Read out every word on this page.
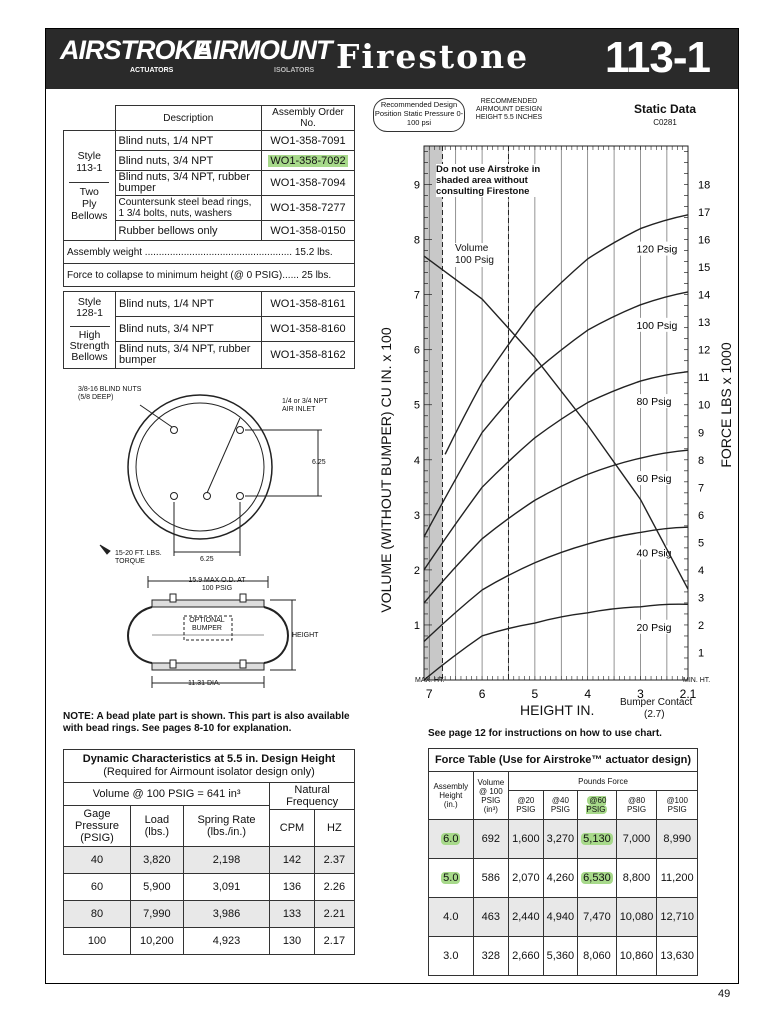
AIRSTROKE
ACTUATORS
AIRMOUNT
ISOLATORS Firestone 113-1
	Description	Assembly Order No.
Style
113-1

Two
Ply
Bellows	Blind nuts, 1/4 NPT	WO1-358-7091
	Blind nuts, 3/4 NPT	WO1-358-7092
	Blind nuts, 3/4 NPT, rubber bumper	WO1-358-7094
	Countersunk steel bead rings, 1 3/4 bolts, nuts, washers	WO1-358-7277
	Rubber bellows only	WO1-358-0150
Assembly weight ..................................................... 15.2 lbs.		
Force to collapse to minimum height (@ 0 PSIG)...... 25 lbs.		
Style
128-1

High
Strength
Bellows	Blind nuts, 1/4 NPT	WO1-358-8161
	Blind nuts, 3/4 NPT	WO1-358-8160
	Blind nuts, 3/4 NPT, rubber bumper	WO1-358-8162
3/8-16 BLIND NUTS (5/8 DEEP)
1/4 or 3/4 NPT AIR INLET
6.25
6.25
15-20 FT. LBS. TORQUE
15.9 MAX O.D. AT 100 PSIG
OPTIONAL BUMPER
HEIGHT
11.31 DIA.
NOTE: A bead plate part is shown. This part is also available with bead rings. See pages 8-10 for explanation.
Dynamic Characteristics at 5.5 in. Design Height
(Required for Airmount isolator design only)				
Volume @ 100 PSIG = 641 in³			Natural Frequency	
Gage Pressure (PSIG)	Load (lbs.)	Spring Rate (lbs./in.)		
			CPM	HZ
40	3,820	2,198	142	2.37
60	5,900	3,091	136	2.26
80	7,990	3,986	133	2.21
100	10,200	4,923	130	2.17
Recommended Design Position Static Pressure 0-100 psi
RECOMMENDED AIRMOUNT DESIGN HEIGHT 5.5 INCHES
Static Data
C0281
20 Psig
40 Psig
60 Psig
80 Psig
100 Psig
120 Psig
1
2
3
4
5
6
7
8
9
1
2
3
4
5
6
7
8
9
10
11
12
13
14
15
16
17
18
7	6	5	4	3	2.1
VOLUME (WITHOUT BUMPER) CU IN. x 100	FORCE LBS x 1000
HEIGHT IN.
Do not use Airstroke in shaded area without consulting Firestone
Volume
100 Psig
MAX. HT.	MIN. HT.
Bumper Contact
(2.7)
See page 12 for instructions on how to use chart.
Force Table (Use for Airstroke™ actuator design)						
Assembly Height (in.)	Volume @ 100 PSIG (in³)	Pounds Force				
		@20 PSIG	@40 PSIG	@60 PSIG	@80 PSIG	@100 PSIG
6.0	692	1,600	3,270	5,130	7,000	8,990
5.0	586	2,070	4,260	6,530	8,800	11,200
4.0	463	2,440	4,940	7,470	10,080	12,710
3.0	328	2,660	5,360	8,060	10,860	13,630
49
